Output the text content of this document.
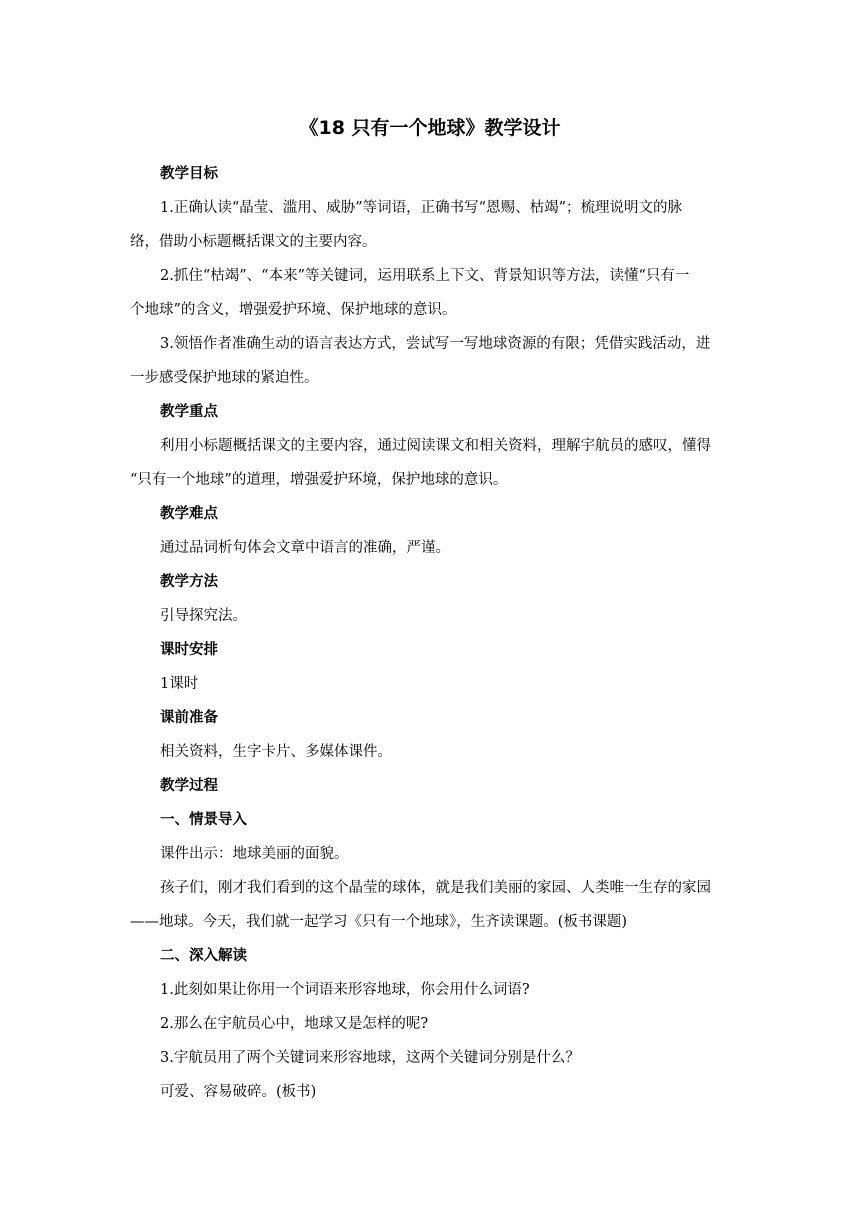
《18 只有一个地球》教学设计
教学目标
1.正确认读“晶莹、滥用、威胁”等词语，正确书写“恩赐、枯竭”；梳理说明文的脉
络，借助小标题概括课文的主要内容。
2.抓住“枯竭”、“本来”等关键词，运用联系上下文、背景知识等方法，读懂“只有一
个地球”的含义，增强爱护环境、保护地球的意识。
3.领悟作者准确生动的语言表达方式，尝试写一写地球资源的有限；凭借实践活动，进
一步感受保护地球的紧迫性。
教学重点
利用小标题概括课文的主要内容，通过阅读课文和相关资料，理解宇航员的感叹，懂得
“只有一个地球”的道理，增强爱护环境，保护地球的意识。
教学难点
通过品词析句体会文章中语言的准确，严谨。
教学方法
引导探究法。
课时安排
1课时
课前准备
相关资料，生字卡片、多媒体课件。
教学过程
一、情景导入
课件出示：地球美丽的面貌。
孩子们，刚才我们看到的这个晶莹的球体，就是我们美丽的家园、人类唯一生存的家园
——地球。今天，我们就一起学习《只有一个地球》，生齐读课题。(板书课题)
二、深入解读
1.此刻如果让你用一个词语来形容地球，你会用什么词语?
2.那么在宇航员心中，地球又是怎样的呢?
3.宇航员用了两个关键词来形容地球，这两个关键词分别是什么？
可爱、容易破碎。(板书)
